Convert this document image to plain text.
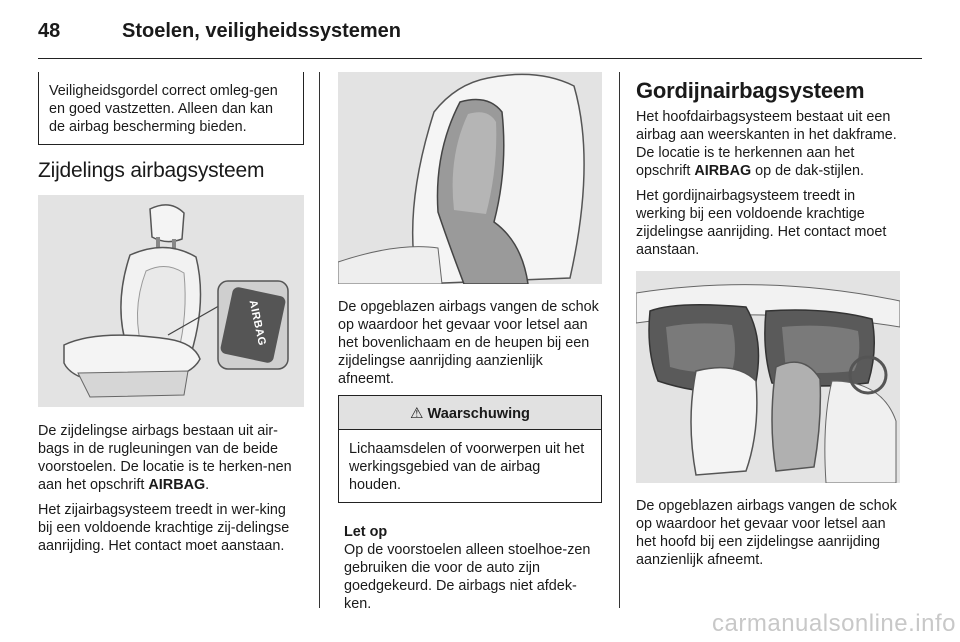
48	Stoelen, veiligheidssystemen
Veiligheidsgordel correct omleg-gen en goed vastzetten. Alleen dan kan de airbag bescherming bieden.
Zijdelings airbagsysteem
AIRBAG

De zijdelingse airbags bestaan uit air-bags in de rugleuningen van de beide voorstoelen. De locatie is te herken-nen aan het opschrift AIRBAG.

Het zijairbagsysteem treedt in wer-king bij een voldoende krachtige zij-delingse aanrijding. Het contact moet aanstaan.

De opgeblazen airbags vangen de schok op waardoor het gevaar voor letsel aan het bovenlichaam en de heupen bij een zijdelingse aanrijding aanzienlijk afneemt.

⚠ Waarschuwing
Lichaamsdelen of voorwerpen uit het werkingsgebied van de airbag houden.
Let op
Op de voorstoelen alleen stoelhoe-zen gebruiken die voor de auto zijn goedgekeurd. De airbags niet afdek-ken.
Gordijnairbagsysteem

Het hoofdairbagsysteem bestaat uit een airbag aan weerskanten in het dakframe. De locatie is te herkennen aan het opschrift AIRBAG op de dak-stijlen.

Het gordijnairbagsysteem treedt in werking bij een voldoende krachtige zijdelingse aanrijding. Het contact moet aanstaan.

De opgeblazen airbags vangen de schok op waardoor het gevaar voor letsel aan het hoofd bij een zijdelingse aanrijding aanzienlijk afneemt.

carmanualsonline.info
